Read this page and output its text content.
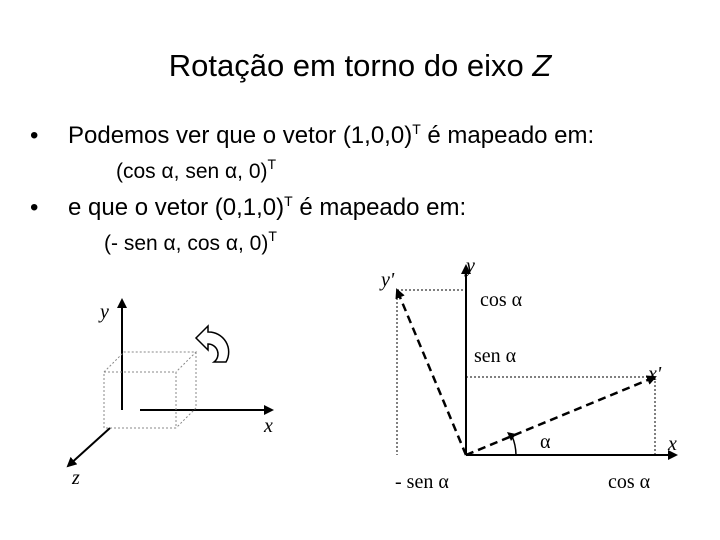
Rotação em torno do eixo Z
• Podemos ver que o vetor $(1,0,0)^T$ é mapeado em:
(cos α, sen α, 0)$^T$
• e que o vetor $(0,1,0)^T$ é mapeado em:
(- sen α, cos α, 0)$^T$
y
x
z
y
y'
cos α
sen α
x'
α	x
- sen α	cos α
